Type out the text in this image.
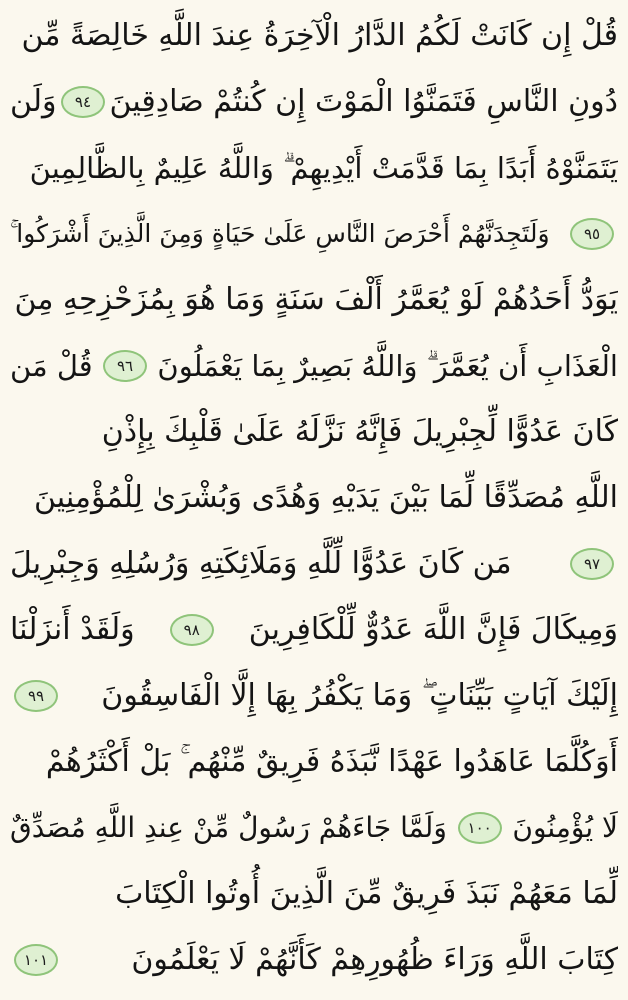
قُلْ إِن كَانَتْ لَكُمُ الدَّارُ الْآخِرَةُ عِندَ اللَّهِ خَالِصَةً مِّن
دُونِ النَّاسِ فَتَمَنَّوُا الْمَوْتَ إِن كُنتُمْ صَادِقِينَ
٩٤
وَلَن
يَتَمَنَّوْهُ أَبَدًا بِمَا قَدَّمَتْ أَيْدِيهِمْ ۗ وَاللَّهُ عَلِيمٌ بِالظَّالِمِينَ
٩٥
وَلَتَجِدَنَّهُمْ أَحْرَصَ النَّاسِ عَلَىٰ حَيَاةٍ وَمِنَ الَّذِينَ أَشْرَكُوا ۚ
يَوَدُّ أَحَدُهُمْ لَوْ يُعَمَّرُ أَلْفَ سَنَةٍ وَمَا هُوَ بِمُزَحْزِحِهِ مِنَ
الْعَذَابِ أَن يُعَمَّرَ ۗ وَاللَّهُ بَصِيرٌ بِمَا يَعْمَلُونَ
٩٦
قُلْ مَن
كَانَ عَدُوًّا لِّجِبْرِيلَ فَإِنَّهُ نَزَّلَهُ عَلَىٰ قَلْبِكَ بِإِذْنِ
اللَّهِ مُصَدِّقًا لِّمَا بَيْنَ يَدَيْهِ وَهُدًى وَبُشْرَىٰ لِلْمُؤْمِنِينَ
٩٧
مَن كَانَ عَدُوًّا لِّلَّهِ وَمَلَائِكَتِهِ وَرُسُلِهِ وَجِبْرِيلَ
وَمِيكَالَ فَإِنَّ اللَّهَ عَدُوٌّ لِّلْكَافِرِينَ
٩٨
وَلَقَدْ أَنزَلْنَا
إِلَيْكَ آيَاتٍ بَيِّنَاتٍ ۖ وَمَا يَكْفُرُ بِهَا إِلَّا الْفَاسِقُونَ
٩٩
أَوَكُلَّمَا عَاهَدُوا عَهْدًا نَّبَذَهُ فَرِيقٌ مِّنْهُم ۚ بَلْ أَكْثَرُهُمْ
لَا يُؤْمِنُونَ
١٠٠
وَلَمَّا جَاءَهُمْ رَسُولٌ مِّنْ عِندِ اللَّهِ مُصَدِّقٌ
لِّمَا مَعَهُمْ نَبَذَ فَرِيقٌ مِّنَ الَّذِينَ أُوتُوا الْكِتَابَ
كِتَابَ اللَّهِ وَرَاءَ ظُهُورِهِمْ كَأَنَّهُمْ لَا يَعْلَمُونَ
١٠١
